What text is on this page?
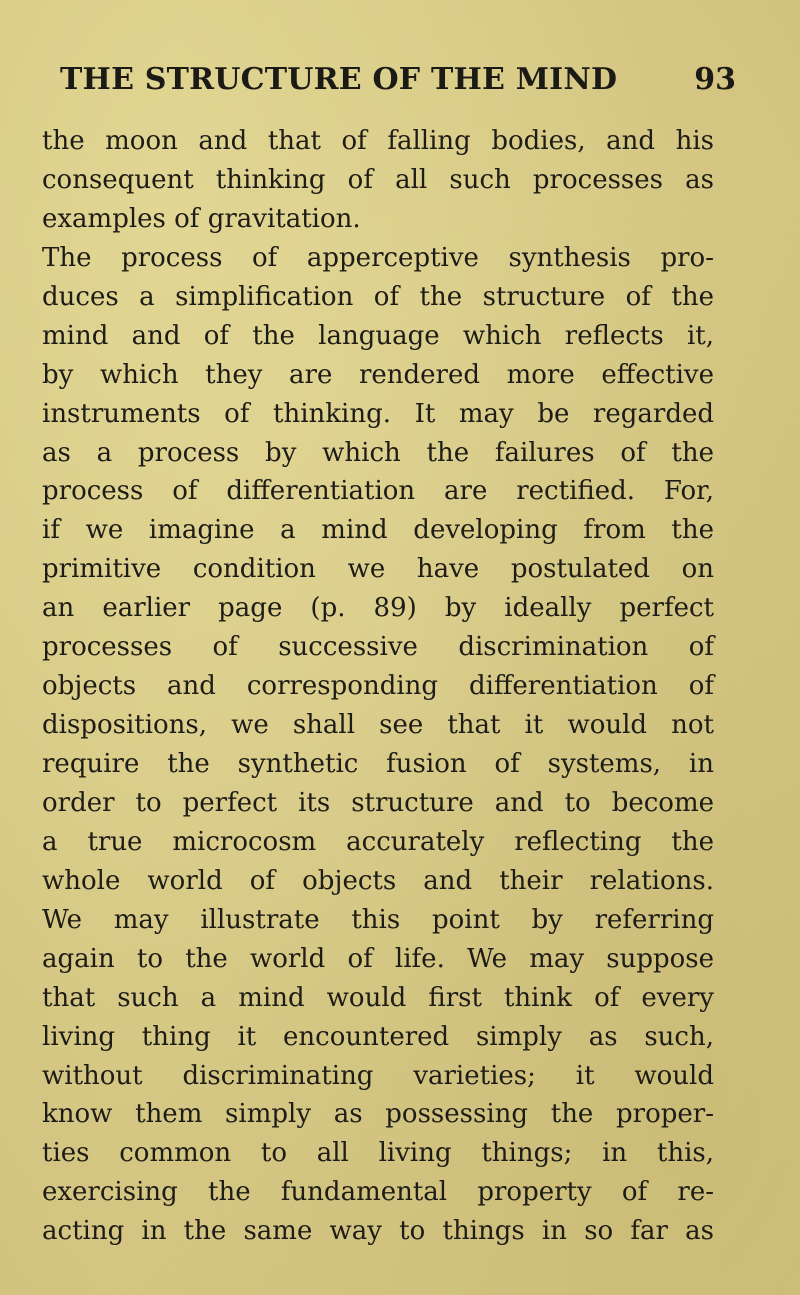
THE STRUCTURE OF THE MIND	93
the moon and that of falling bodies, and his
consequent thinking of all such processes as
examples of gravitation.
The process of apperceptive synthesis pro-
duces a simplification of the structure of the
mind and of the language which reflects it,
by which they are rendered more effective
instruments of thinking. It may be regarded
as a process by which the failures of the
process of differentiation are rectified. For,
if we imagine a mind developing from the
primitive condition we have postulated on
an earlier page (p. 89) by ideally perfect
processes of successive discrimination of
objects and corresponding differentiation of
dispositions, we shall see that it would not
require the synthetic fusion of systems, in
order to perfect its structure and to become
a true microcosm accurately reflecting the
whole world of objects and their relations.
We may illustrate this point by referring
again to the world of life. We may suppose
that such a mind would first think of every
living thing it encountered simply as such,
without discriminating varieties; it would
know them simply as possessing the proper-
ties common to all living things; in this,
exercising the fundamental property of re-
acting in the same way to things in so far as
